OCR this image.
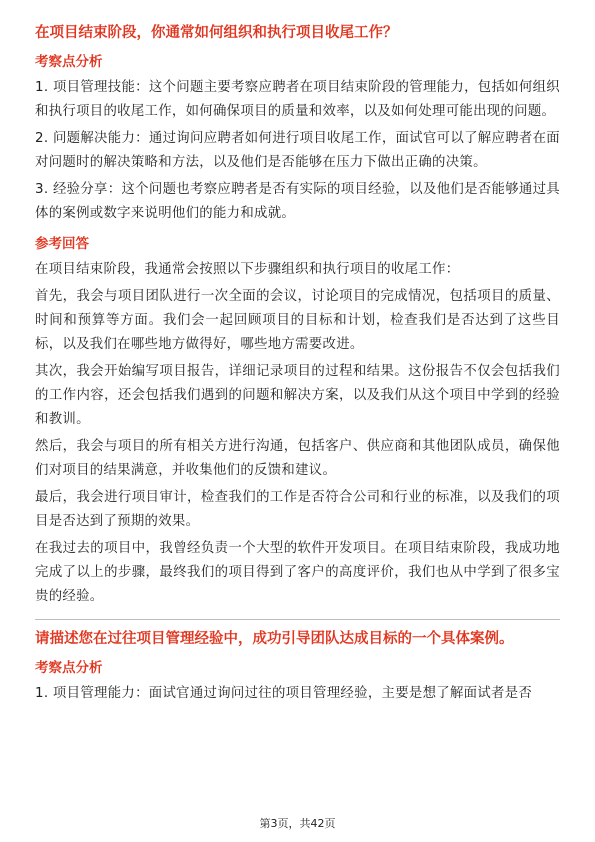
在项目结束阶段，你通常如何组织和执行项目收尾工作？

考察点分析

1. 项目管理技能：这个问题主要考察应聘者在项目结束阶段的管理能力，包括如何组织和执行项目的收尾工作，如何确保项目的质量和效率，以及如何处理可能出现的问题。

2. 问题解决能力：通过询问应聘者如何进行项目收尾工作，面试官可以了解应聘者在面对问题时的解决策略和方法，以及他们是否能够在压力下做出正确的决策。

3. 经验分享：这个问题也考察应聘者是否有实际的项目经验，以及他们是否能够通过具体的案例或数字来说明他们的能力和成就。

参考回答

在项目结束阶段，我通常会按照以下步骤组织和执行项目的收尾工作：

首先，我会与项目团队进行一次全面的会议，讨论项目的完成情况，包括项目的质量、时间和预算等方面。我们会一起回顾项目的目标和计划，检查我们是否达到了这些目标，以及我们在哪些地方做得好，哪些地方需要改进。

其次，我会开始编写项目报告，详细记录项目的过程和结果。这份报告不仅会包括我们的工作内容，还会包括我们遇到的问题和解决方案，以及我们从这个项目中学到的经验和教训。

然后，我会与项目的所有相关方进行沟通，包括客户、供应商和其他团队成员，确保他们对项目的结果满意，并收集他们的反馈和建议。

最后，我会进行项目审计，检查我们的工作是否符合公司和行业的标准，以及我们的项目是否达到了预期的效果。

在我过去的项目中，我曾经负责一个大型的软件开发项目。在项目结束阶段，我成功地完成了以上的步骤，最终我们的项目得到了客户的高度评价，我们也从中学到了很多宝贵的经验。

请描述您在过往项目管理经验中，成功引导团队达成目标的一个具体案例。

考察点分析

1. 项目管理能力：面试官通过询问过往的项目管理经验，主要是想了解面试者是否

第3页，共42页
